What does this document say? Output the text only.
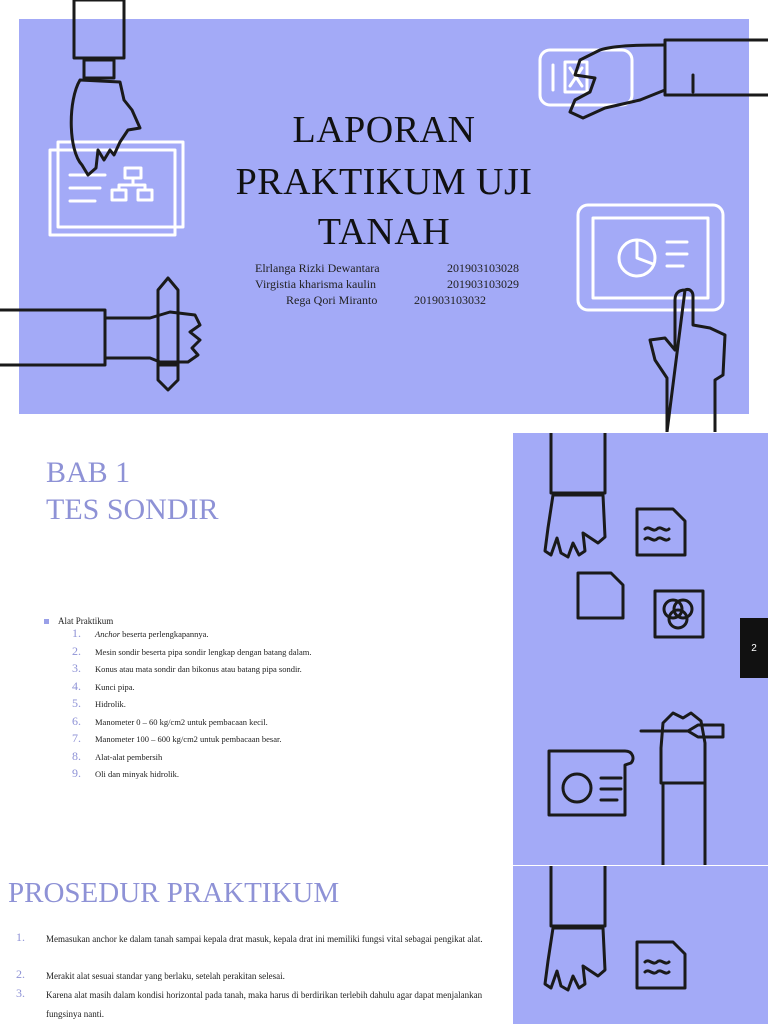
LAPORAN
PRAKTIKUM UJI
TANAH
Elrlanga Rizki Dewantara	201903103028
Virgistia kharisma kaulin	201903103029
Rega Qori Miranto	201903103032
BAB 1
TES SONDIR
Alat Praktikum
1.	Anchor beserta perlengkapannya.
2.	Mesin sondir beserta pipa sondir lengkap dengan batang dalam.
3.	Konus atau mata sondir dan bikonus atau batang pipa sondir.
4.	Kunci pipa.
5.	Hidrolik.
6.	Manometer 0 – 60 kg/cm2 untuk pembacaan kecil.
7.	Manometer 100 – 600 kg/cm2 untuk pembacaan besar.
8.	Alat-alat pembersih
9.	Oli dan minyak hidrolik.
2
PROSEDUR PRAKTIKUM
1. Memasukan anchor ke dalam tanah sampai kepala drat masuk, kepala drat ini memiliki fungsi vital sebagai pengikat alat.
2. Merakit alat sesuai standar yang berlaku, setelah perakitan selesai.
3. Karena alat masih dalam kondisi horizontal pada tanah, maka harus di berdirikan terlebih dahulu agar dapat menjalankan fungsinya nanti.
